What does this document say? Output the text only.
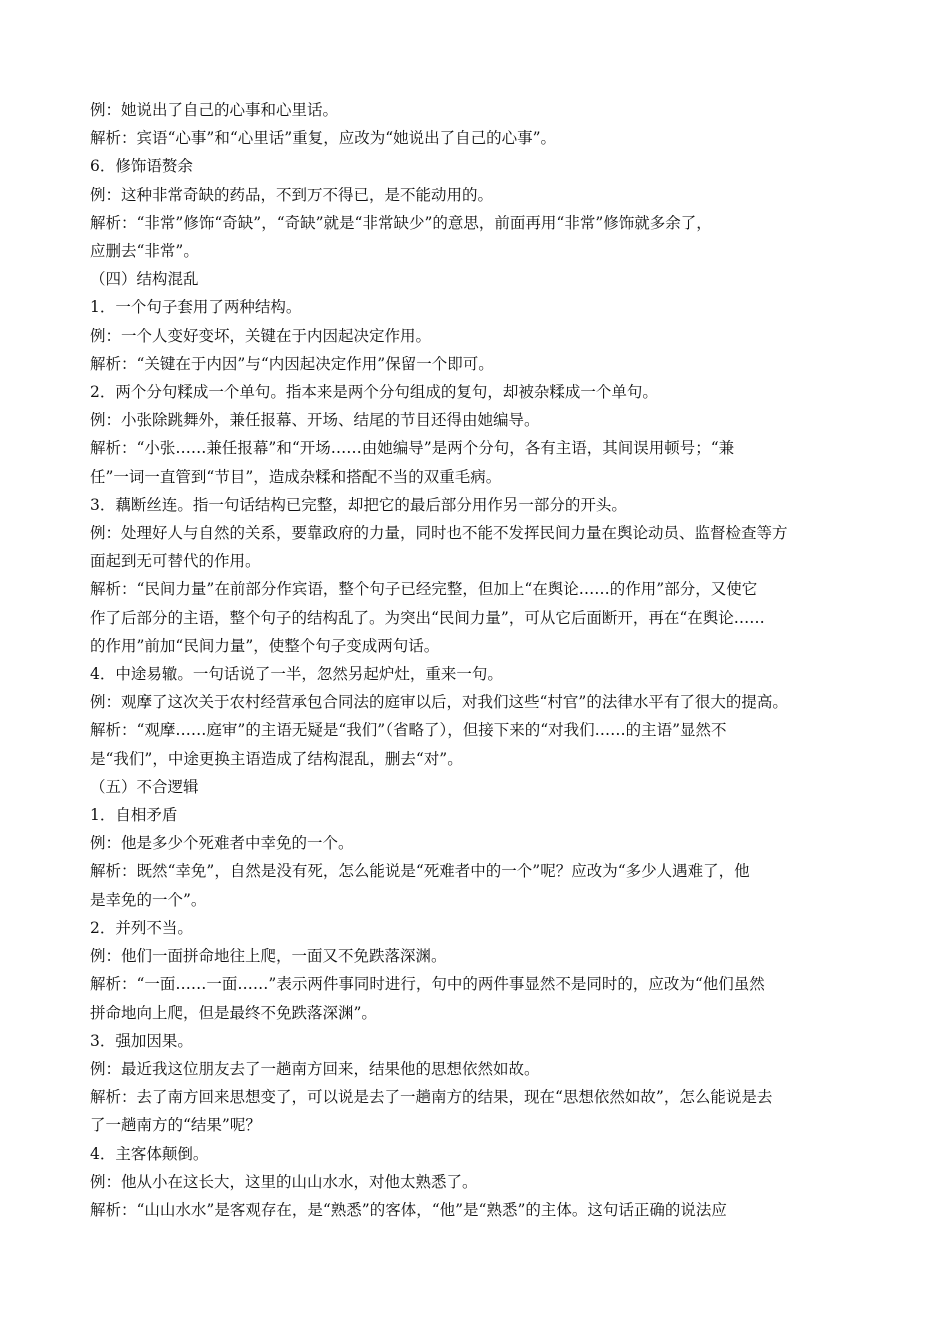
例：她说出了自己的心事和心里话。

解析：宾语“心事”和“心里话”重复，应改为“她说出了自己的心事”。

6．修饰语赘余

例：这种非常奇缺的药品，不到万不得已，是不能动用的。

解析：“非常”修饰“奇缺”，“奇缺”就是“非常缺少”的意思，前面再用“非常”修饰就多余了，

应删去“非常”。

（四）结构混乱

1．一个句子套用了两种结构。

例：一个人变好变坏，关键在于内因起决定作用。

解析：“关键在于内因”与“内因起决定作用”保留一个即可。

2．两个分句糅成一个单句。指本来是两个分句组成的复句，却被杂糅成一个单句。

例：小张除跳舞外，兼任报幕、开场、结尾的节目还得由她编导。

解析：“小张……兼任报幕”和“开场……由她编导”是两个分句，各有主语，其间误用顿号；“兼

任”一词一直管到“节目”，造成杂糅和搭配不当的双重毛病。

3．藕断丝连。指一句话结构已完整，却把它的最后部分用作另一部分的开头。

例：处理好人与自然的关系，要靠政府的力量，同时也不能不发挥民间力量在舆论动员、监督检查等方

面起到无可替代的作用。

解析：“民间力量”在前部分作宾语，整个句子已经完整，但加上“在舆论……的作用”部分，又使它

作了后部分的主语，整个句子的结构乱了。为突出“民间力量”，可从它后面断开，再在“在舆论……

的作用”前加“民间力量”，使整个句子变成两句话。

4．中途易辙。一句话说了一半，忽然另起炉灶，重来一句。

例：观摩了这次关于农村经营承包合同法的庭审以后，对我们这些“村官”的法律水平有了很大的提高。

解析：“观摩……庭审”的主语无疑是“我们”（省略了），但接下来的“对我们……的主语”显然不

是“我们”，中途更换主语造成了结构混乱，删去“对”。

（五）不合逻辑

1．自相矛盾

例：他是多少个死难者中幸免的一个。

解析：既然“幸免”，自然是没有死，怎么能说是“死难者中的一个”呢？应改为“多少人遇难了，他

是幸免的一个”。

2．并列不当。

例：他们一面拼命地往上爬，一面又不免跌落深渊。

解析：“一面……一面……”表示两件事同时进行，句中的两件事显然不是同时的，应改为“他们虽然

拼命地向上爬，但是最终不免跌落深渊”。

3．强加因果。

例：最近我这位朋友去了一趟南方回来，结果他的思想依然如故。

解析：去了南方回来思想变了，可以说是去了一趟南方的结果，现在“思想依然如故”，怎么能说是去

了一趟南方的“结果”呢？

4．主客体颠倒。

例：他从小在这长大，这里的山山水水，对他太熟悉了。

解析：“山山水水”是客观存在，是“熟悉”的客体，“他”是“熟悉”的主体。这句话正确的说法应
